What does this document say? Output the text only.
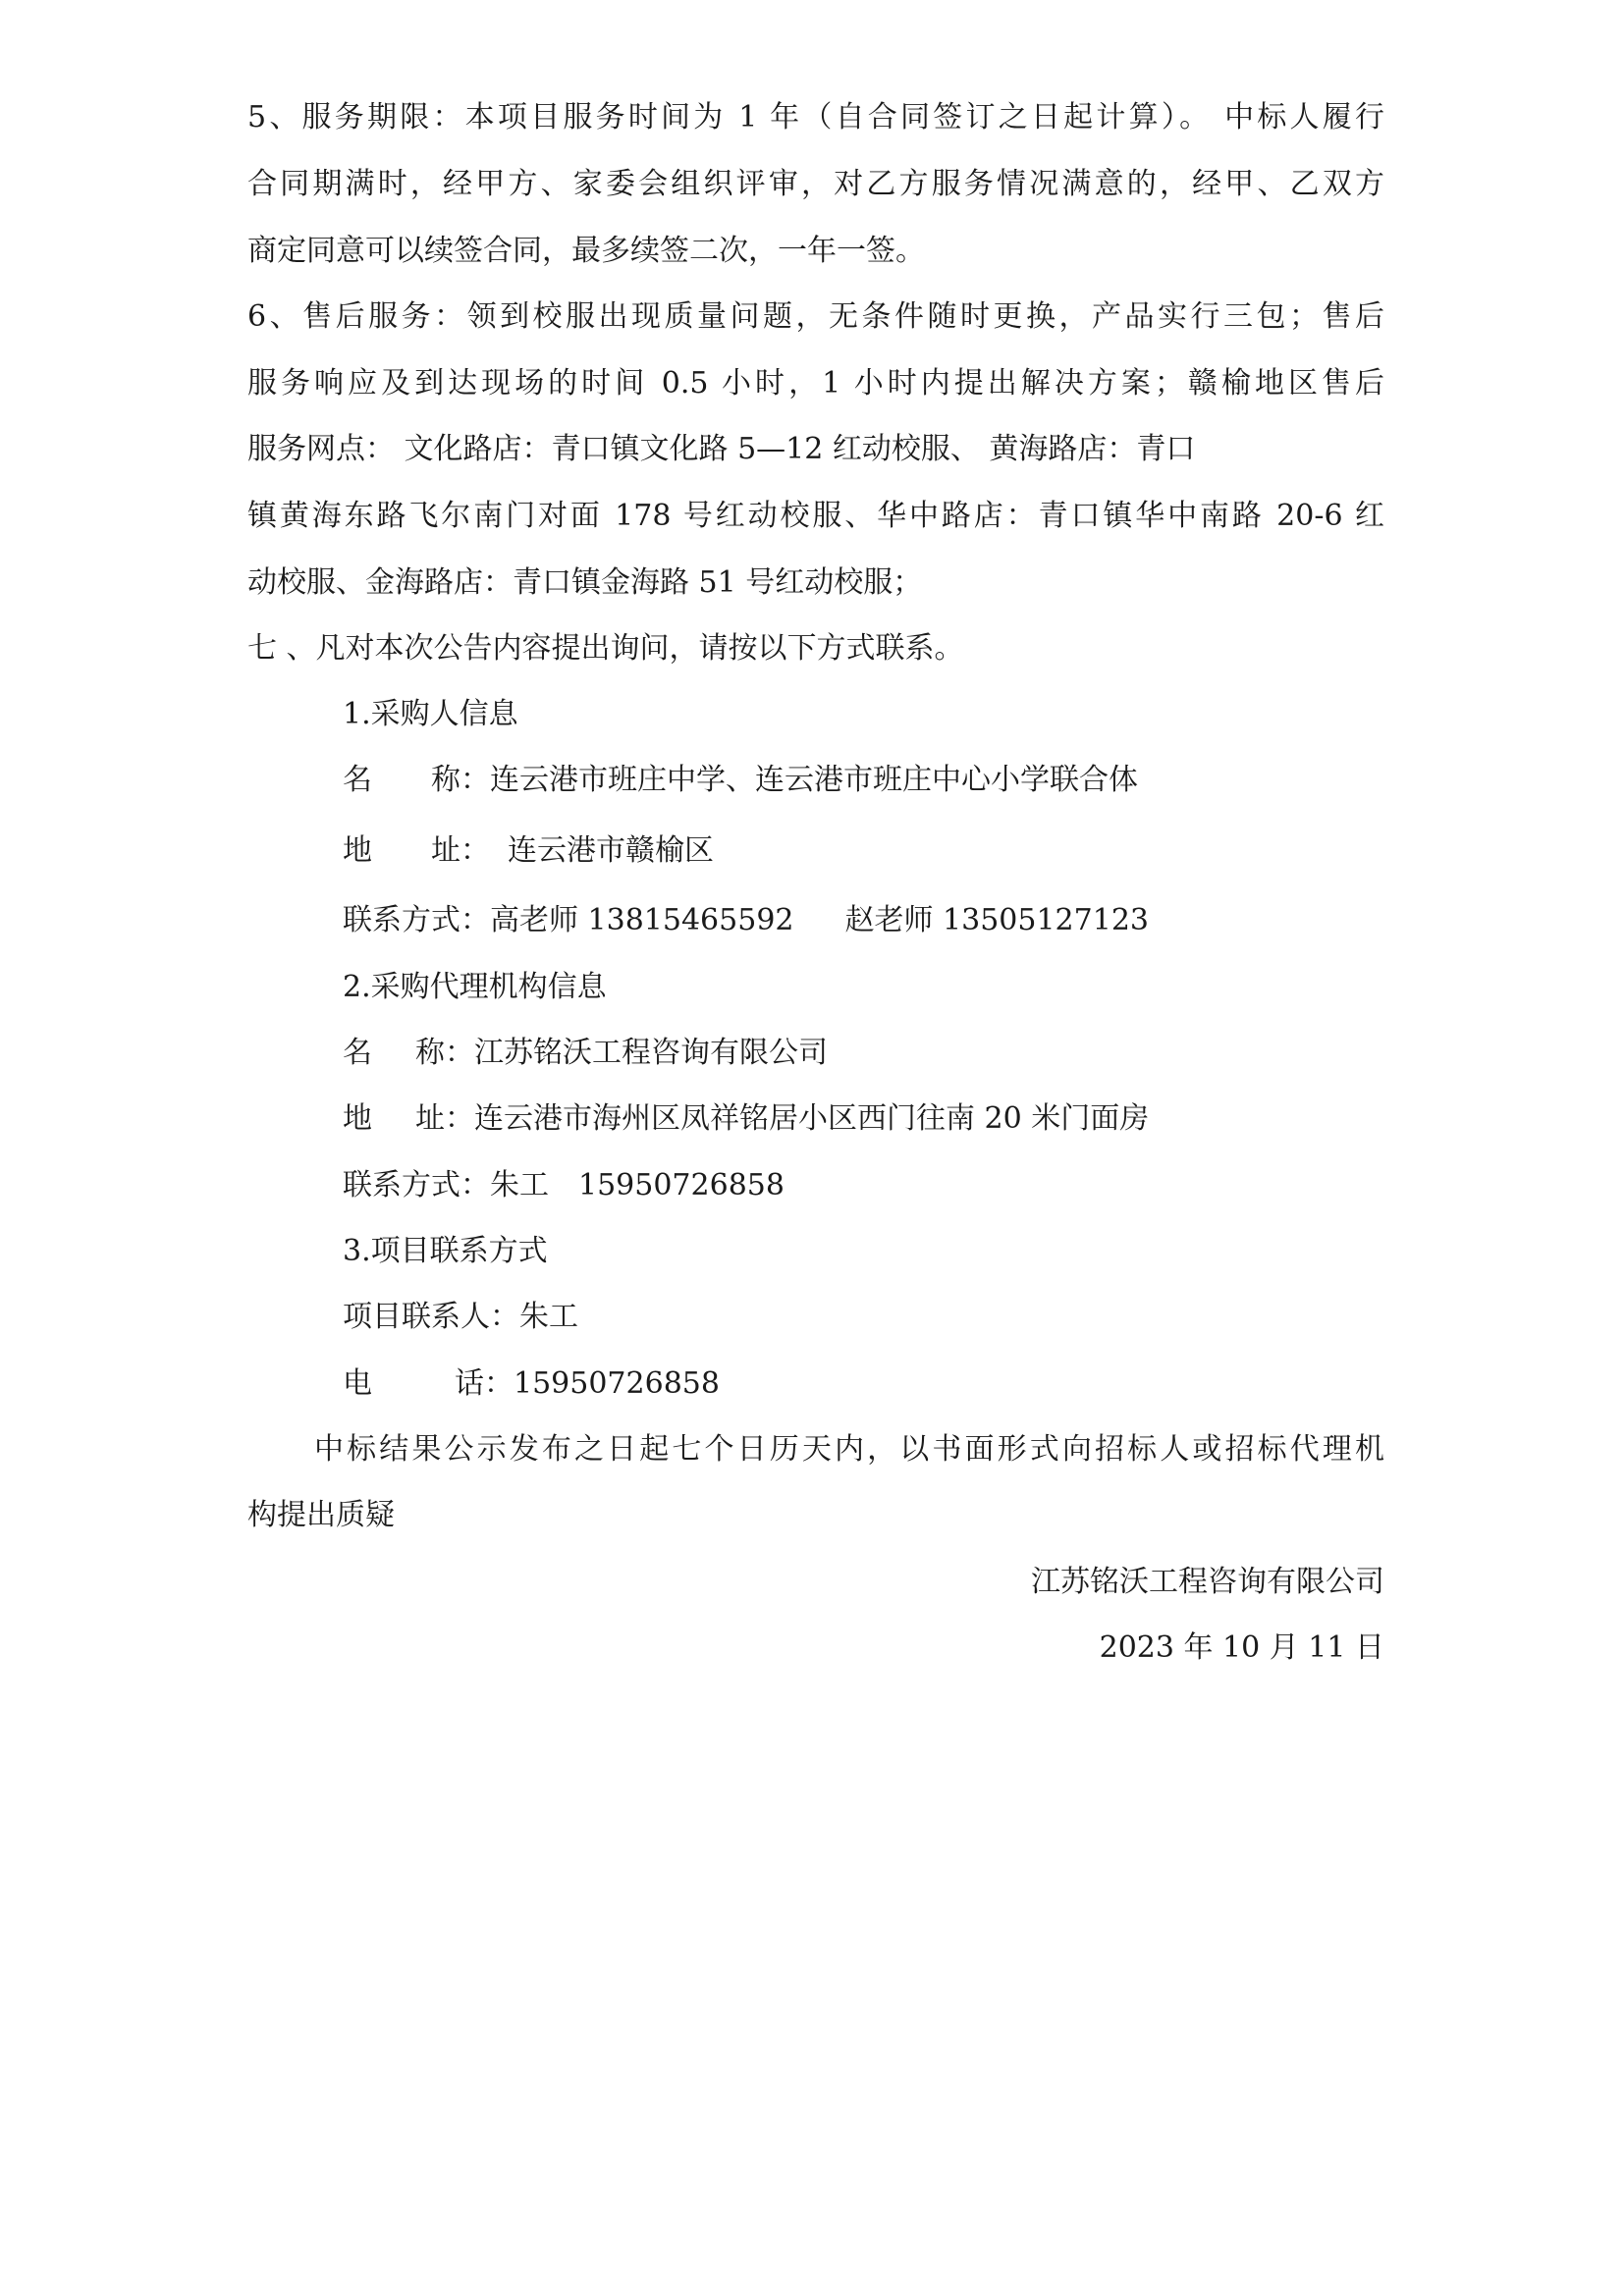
5、服务期限：本项目服务时间为 1 年（自合同签订之日起计算）。 中标人履行
合同期满时，经甲方、家委会组织评审，对乙方服务情况满意的，经甲、乙双方
商定同意可以续签合同，最多续签二次，一年一签。
6、售后服务：领到校服出现质量问题，无条件随时更换，产品实行三包；售后
服务响应及到达现场的时间 0.5 小时，1 小时内提出解决方案；赣榆地区售后
服务网点： 文化路店：青口镇文化路 5—12 红动校服、 黄海路店：青口
镇黄海东路飞尔南门对面 178 号红动校服、华中路店：青口镇华中南路 20-6 红
动校服、金海路店：青口镇金海路 51 号红动校服；
七 、凡对本次公告内容提出询问，请按以下方式联系。
1.采购人信息
名 称：连云港市班庄中学、连云港市班庄中心小学联合体
地 址： 连云港市赣榆区
联系方式：高老师 13815465592 赵老师 13505127123
2.采购代理机构信息
名 称：江苏铭沃工程咨询有限公司
地 址：连云港市海州区凤祥铭居小区西门往南 20 米门面房
联系方式：朱工　15950726858
3.项目联系方式
项目联系人：朱工
电	话：15950726858
中标结果公示发布之日起七个日历天内，以书面形式向招标人或招标代理机
构提出质疑
江苏铭沃工程咨询有限公司
2023 年 10 月 11 日
